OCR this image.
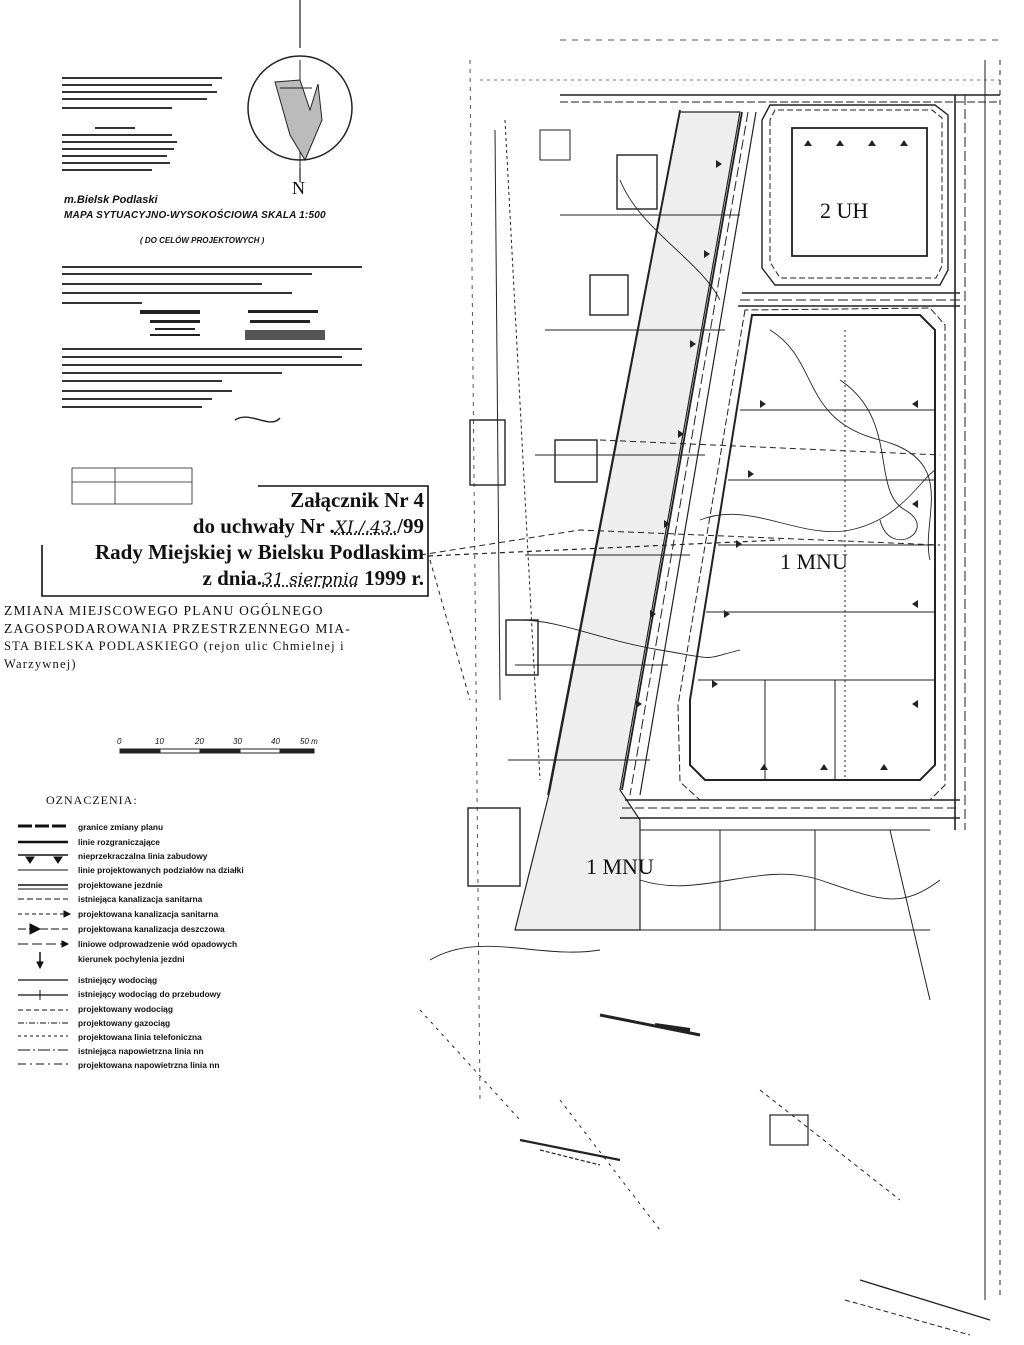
m.Bielsk Podlaski
MAPA SYTUACYJNO-WYSOKOŚCIOWA SKALA 1:500
( DO CELÓW PROJEKTOWYCH )
N
Załącznik Nr 4
do uchwały Nr .XI./.43./99
Rady Miejskiej w Bielsku Podlaskim
z dnia.31 sierpnia 1999 r.
ZMIANA MIEJSCOWEGO PLANU OGÓLNEGO
ZAGOSPODAROWANIA PRZESTRZENNEGO MIA-
STA BIELSKA PODLASKIEGO (rejon ulic Chmielnej i
Warzywnej)
0	10	20	30	40	50 m
OZNACZENIA:
granice zmiany planu
linie rozgraniczające
nieprzekraczalna linia zabudowy
linie projektowanych podziałów na działki
projektowane jezdnie
istniejąca kanalizacja sanitarna
projektowana kanalizacja sanitarna
projektowana kanalizacja deszczowa
liniowe odprowadzenie wód opadowych
kierunek pochylenia jezdni
istniejący wodociąg
istniejący wodociąg do przebudowy
projektowany wodociąg
projektowany gazociąg
projektowana linia telefoniczna
istniejąca napowietrzna linia nn
projektowana napowietrzna linia nn
2 UH
1 MNU
1 MNU
